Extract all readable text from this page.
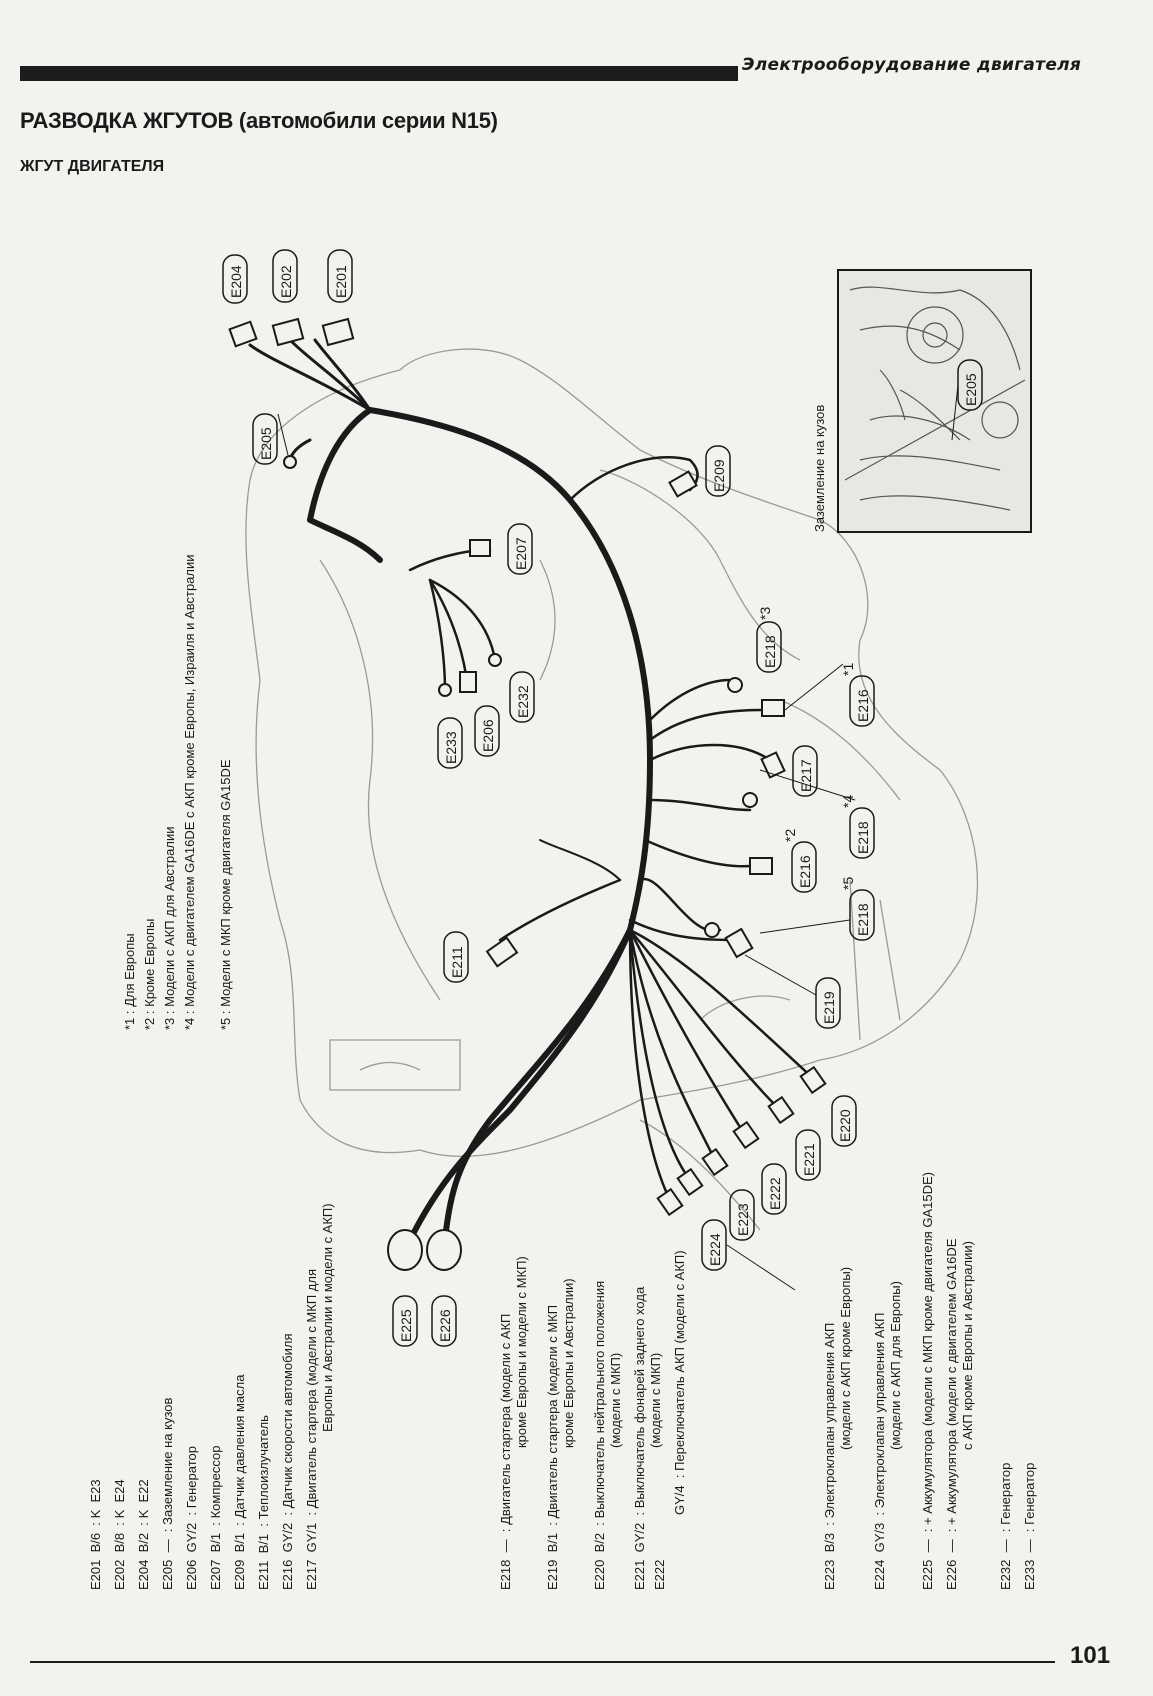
Электрооборудование двигателя
РАЗВОДКА ЖГУТОВ (автомобили серии N15)
ЖГУТ ДВИГАТЕЛЯ
E204 E202	E201
E205
E207
E209
E232
E206
E233
E218
*3
E216
*1
E217
E218
*4
E216
*2
E218
*5
E211
E219
E220
E221
E222
E223
E224
E225 E226
E205
Заземление на кузов
*1 : Для Европы *2 : Кроме Европы *3 : Модели с АКП для Австралии *4 : Модели с двигателем GA16DE с АКП кроме Европы, Израиля и Австралии *5 : Модели с МКП кроме двигателя GA15DE
E201  B/6  : K  E23
E202  B/8  : K  E24
E204  B/2  : K  E22
E205  —  : Заземление на кузов
E206  GY/2  : Генератор
E207  B/1  : Компрессор
E209  B/1  : Датчик давления масла
E211  B/1  : Теплоизлучатель
E216  GY/2  : Датчик скорости автомобиля
E217  GY/1  : Двигатель стартера (модели с МКП для Европы и Австралии и модели с АКП)
E218  —  : Двигатель стартера (модели с АКП кроме Европы и модели с МКП)
E219  B/1  : Двигатель стартера (модели с МКП кроме Европы и Австралии)
E220  B/2  : Выключатель нейтрального положения (модели с МКП)
E221  GY/2  : Выключатель фонарей заднего хода (модели с МКП)
E222
GY/4  : Переключатель АКП (модели с АКП)
E223  B/3  : Электроклапан управления АКП (модели с АКП кроме Европы)
E224  GY/3  : Электроклапан управления АКП (модели с АКП для Европы)
E225  —  : + Аккумулятора (модели с МКП кроме двигателя GA15DE)
E226  —  : + Аккумулятора (модели с двигателем GA16DE с АКП кроме Европы и Австралии)
E232  —  : Генератор
E233  —  : Генератор
101
